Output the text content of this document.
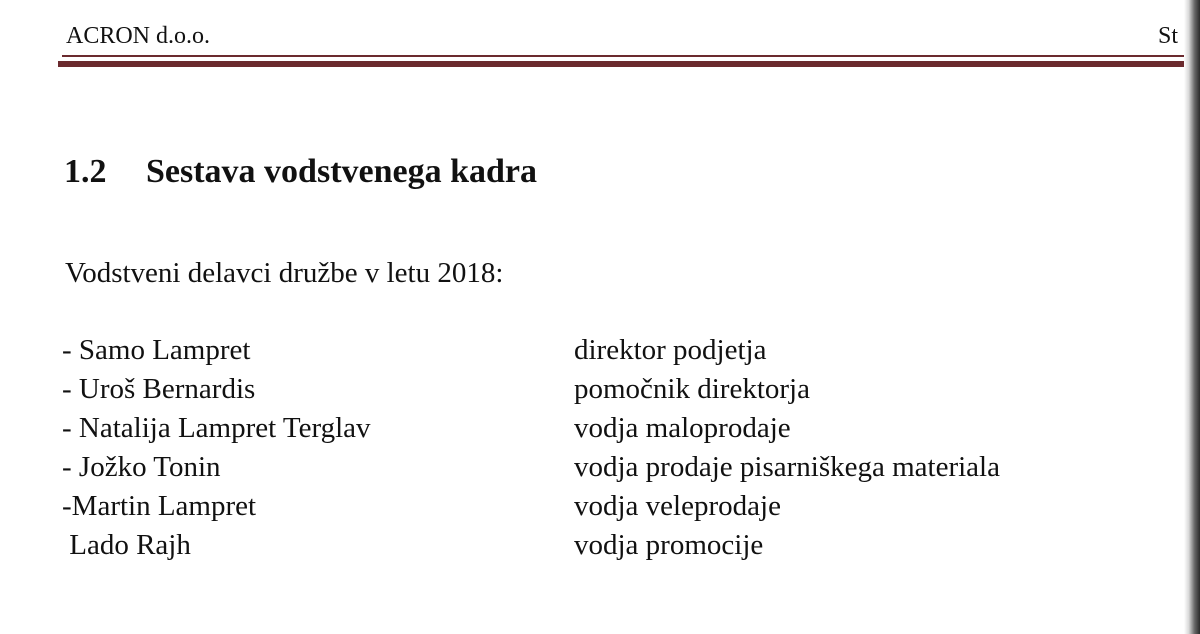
ACRON d.o.o.	St
1.2 Sestava vodstvenega kadra
Vodstveni delavci družbe v letu 2018:
- Samo Lampret	direktor podjetja
- Uroš Bernardis	pomočnik direktorja
- Natalija Lampret Terglav	vodja maloprodaje
- Jožko Tonin	vodja prodaje pisarniškega materiala
-Martin Lampret	vodja veleprodaje
Lado Rajh	vodja promocije
